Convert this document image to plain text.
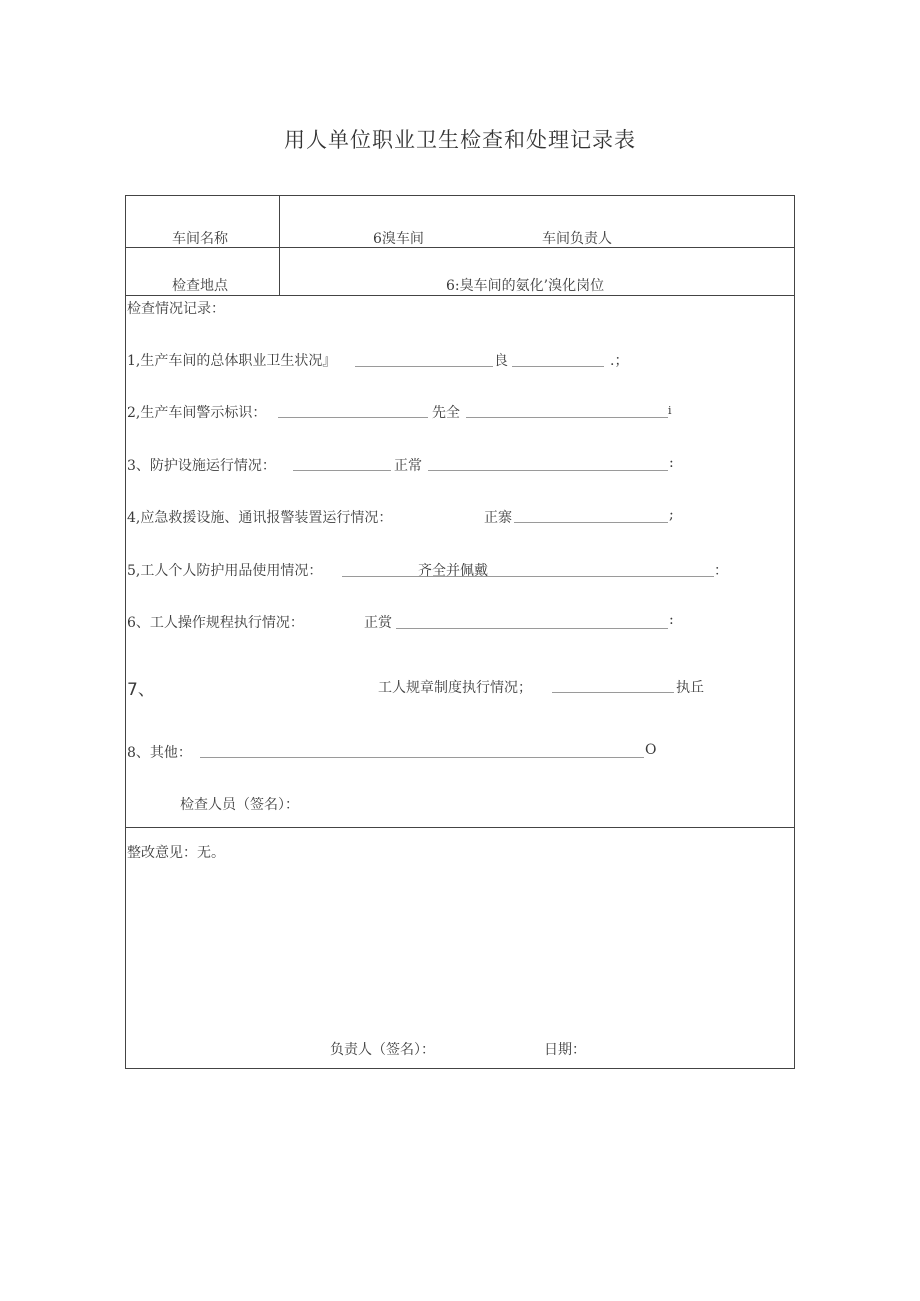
用人单位职业卫生检查和处理记录表
车间名称	6溴车间	车间负责人
检查地点	6:臭车间的氨化’溴化岗位
检查情况记录：
1,生产车间的总体职业卫生状况』	良	.；
2,生产车间警示标识：	先全	i
3、防护设施运行情况：	正常	:
4,应急救援设施、通讯报警装置运行情况：	正寨	;
5,工人个人防护用品使用情况：	齐全并佩戴	：
6、工人操作规程执行情况：	正赏	:
7、	工人规章制度执行情况；	执丘
8、其他：	O
检查人员（签名）：
整改意见：无。
负责人（签名）：	日期：
